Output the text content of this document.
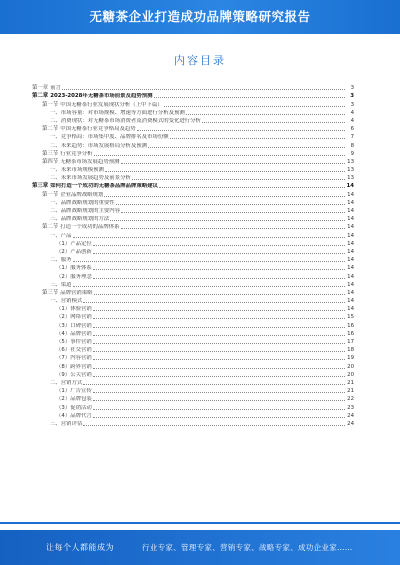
无糖茶企业打造成功品牌策略研究报告
内容目录
第一章 前言	3
第二章 2023-2028年无糖茶市场前景及趋势预测	3
第一节 中国无糖茶行业发展现状分析（上中下篇）	3
一、市场容量：对市场规模、增速等方面进行分析及预测	4
二、消费现状：对无糖茶市场消费者及消费模式的变化进行分析	4
第二节 中国无糖茶行业竞争格局及趋势	6
一、竞争格局：市场集中度、品牌排名及市场份额	7
二、未来趋势：市场发展格局分析及预测	8
第三节 行业竞争分析	9
第四节 无糖茶市场发展趋势预测	13
一、未来市场规模预测	13
二、未来市场发展趋势及前景分析	13
第三章 如何打造一个成功的无糖茶品牌品牌策略建议	14
第一节 企业品牌战略规划	14
一、品牌战略规划的重要性	14
二、品牌战略规划的主要内容	14
三、品牌战略规划的方法	14
第二节 打造一个成功的品牌体系	14
一、产品	14
（1）产品定位	14
（2）产品创新	14
二、服务	14
（1）服务体系	14
（2）服务理念	14
三、渠道	14
第三节 品牌营销策略	14
一、营销模式	14
（1）体验营销	14
（2）网络营销	15
（3）口碑营销	16
（4）品牌营销	16
（5）事件营销	17
（6）社交营销	18
（7）内容营销	19
（8）跨界营销	20
（9）公关营销	20
二、营销方式	21
（1）广告宣传	21
（2）品牌包装	22
（3）促销活动	23
（4）品牌代言	24
三、营销评估	24
让每个人都能成为	行业专家、管理专家、营销专家、战略专家、成功企业家……
